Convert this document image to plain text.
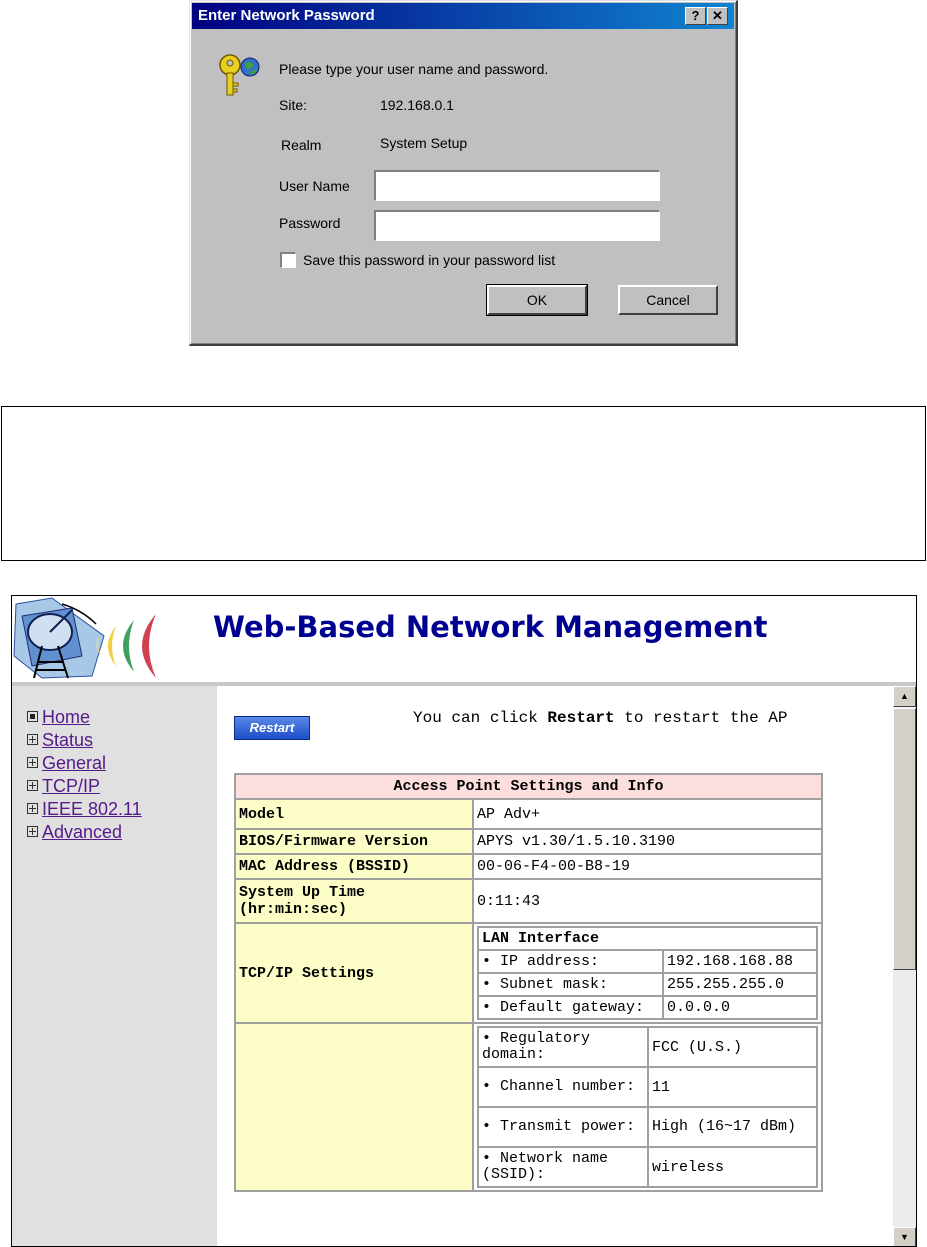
Enter Network Password	? ✕
Please type your user name and password.
Site:	192.168.0.1
Realm	System Setup
User Name
Password
Save this password in your password list
OK	Cancel
Web-Based Network Management
Home
Status
General
TCP/IP
IEEE 802.11
Advanced
Restart
You can click Restart to restart the AP
Access Point Settings and Info
Model	AP Adv+
BIOS/Firmware Version	APYS v1.30/1.5.10.3190
MAC Address (BSSID)	00-06-F4-00-B8-19
System Up Time (hr:min:sec)	0:11:43
TCP/IP Settings	
LAN Interface
• IP address:	192.168.168.88
• Subnet mask:	255.255.255.0
• Default gateway:	0.0.0.0

• Regulatory domain:	FCC (U.S.)
• Channel number:	11
• Transmit power:	High (16~17 dBm)
• Network name (SSID):	wireless
▲
▼
